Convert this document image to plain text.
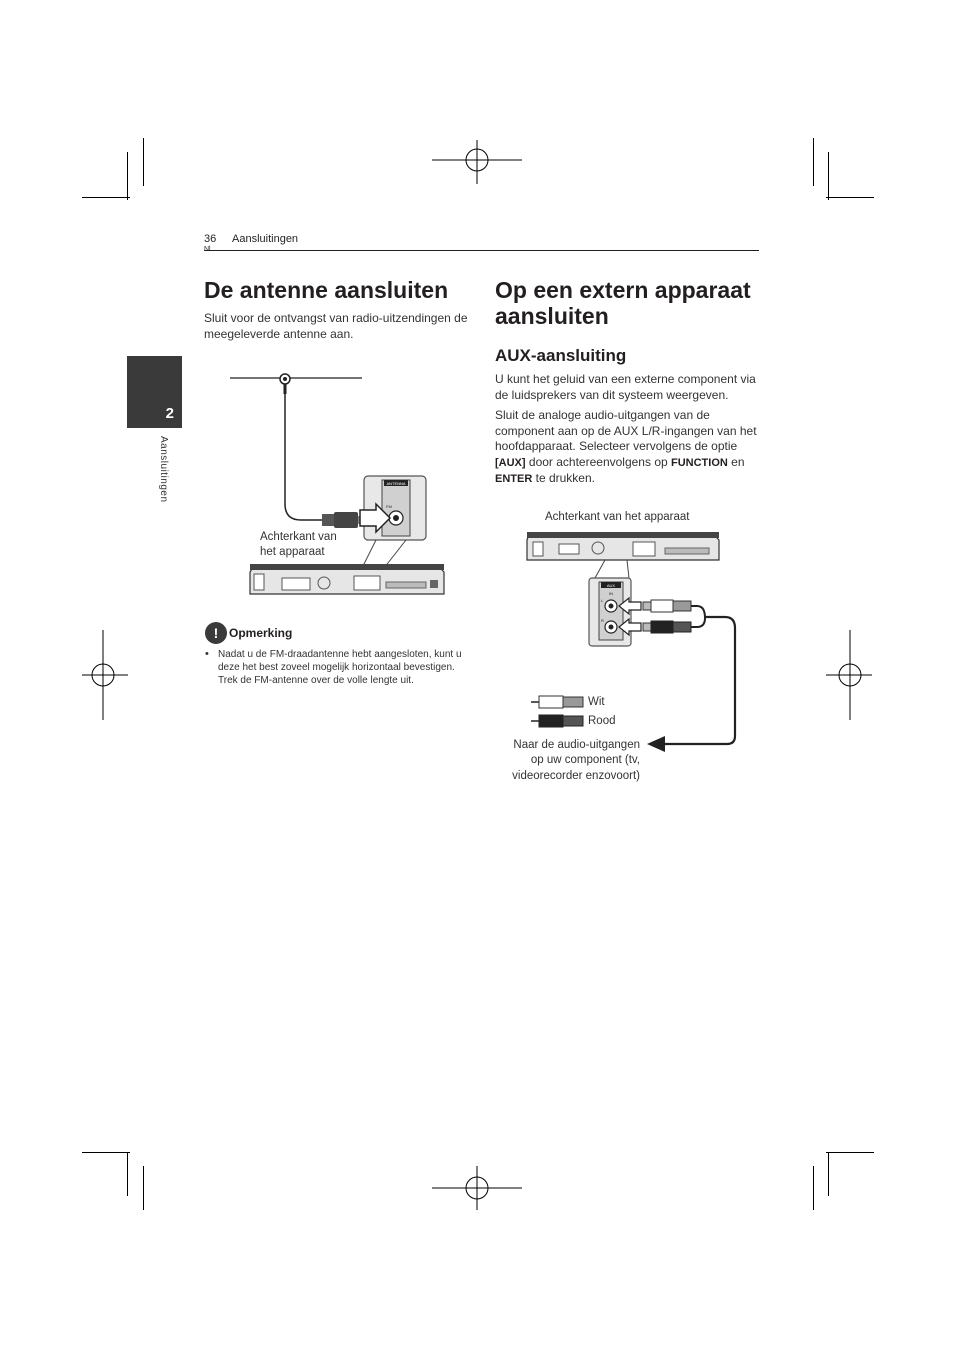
36 Aansluitingen
2
Aansluitingen
De antenne aansluiten
Sluit voor de ontvangst van radio-uitzendingen de meegeleverde antenne aan.
ANTENNA
FM
Achterkant van
het apparaat
! Opmerking
• Nadat u de FM-draadantenne hebt aangesloten, kunt u deze het best zoveel mogelijk horizontaal bevestigen. Trek de FM-antenne over de volle lengte uit.
Op een extern apparaat
aansluiten
AUX-aansluiting
U kunt het geluid van een externe component via de luidsprekers van dit systeem weergeven.
Sluit de analoge audio-uitgangen van de component aan op de AUX L/R-ingangen van het hoofdapparaat. Selecteer vervolgens de optie [AUX] door achtereenvolgens op FUNCTION en ENTER te drukken.
Achterkant van het apparaat
AUX
IN
L
R
Wit
Rood
Naar de audio-uitgangen
op uw component (tv,
videorecorder enzovoort)
